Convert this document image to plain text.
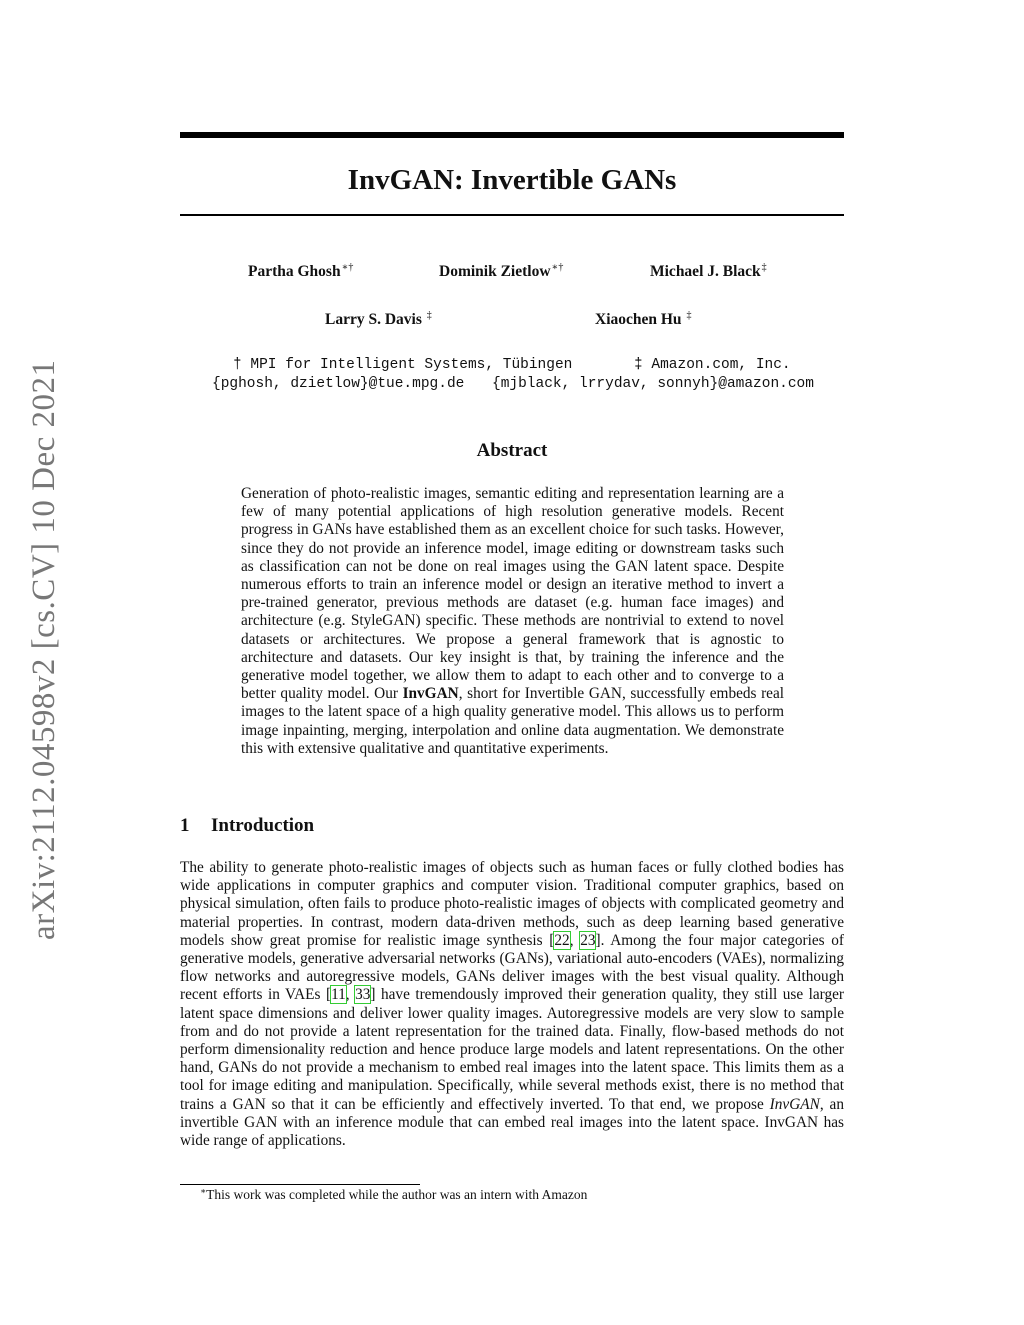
arXiv:2112.04598v2 [cs.CV] 10 Dec 2021
InvGAN: Invertible GANs
Partha Ghosh∗†	Dominik Zietlow∗†	Michael J. Black‡
Larry S. Davis ‡	Xiaochen Hu ‡
† MPI for Intelligent Systems, Tübingen	‡ Amazon.com, Inc.
{pghosh, dzietlow}@tue.mpg.de {mjblack, lrrydav, sonnyh}@amazon.com
Abstract
Generation of photo-realistic images, semantic editing and representation learning are a few of many potential applications of high resolution generative models. Recent progress in GANs have established them as an excellent choice for such tasks. However, since they do not provide an inference model, image editing or downstream tasks such as classification can not be done on real images using the GAN latent space. Despite numerous efforts to train an inference model or design an iterative method to invert a pre-trained generator, previous methods are dataset (e.g. human face images) and architecture (e.g. StyleGAN) specific. These methods are nontrivial to extend to novel datasets or architectures. We propose a general framework that is agnostic to architecture and datasets. Our key insight is that, by training the inference and the generative model together, we allow them to adapt to each other and to converge to a better quality model. Our InvGAN, short for Invertible GAN, successfully embeds real images to the latent space of a high quality generative model. This allows us to perform image inpainting, merging, interpolation and online data augmentation. We demonstrate this with extensive qualitative and quantitative experiments.
1 Introduction
The ability to generate photo-realistic images of objects such as human faces or fully clothed bodies has wide applications in computer graphics and computer vision. Traditional computer graphics, based on physical simulation, often fails to produce photo-realistic images of objects with complicated geometry and material properties. In contrast, modern data-driven methods, such as deep learning based generative models show great promise for realistic image synthesis [22, 23]. Among the four major categories of generative models, generative adversarial networks (GANs), variational auto-encoders (VAEs), normalizing flow networks and autoregressive models, GANs deliver images with the best visual quality. Although recent efforts in VAEs [11, 33] have tremendously improved their generation quality, they still use larger latent space dimensions and deliver lower quality images. Autoregressive models are very slow to sample from and do not provide a latent representation for the trained data. Finally, flow-based methods do not perform dimensionality reduction and hence produce large models and latent representations. On the other hand, GANs do not provide a mechanism to embed real images into the latent space. This limits them as a tool for image editing and manipulation. Specifically, while several methods exist, there is no method that trains a GAN so that it can be efficiently and effectively inverted. To that end, we propose InvGAN, an invertible GAN with an inference module that can embed real images into the latent space. InvGAN has wide range of applications.
∗This work was completed while the author was an intern with Amazon
